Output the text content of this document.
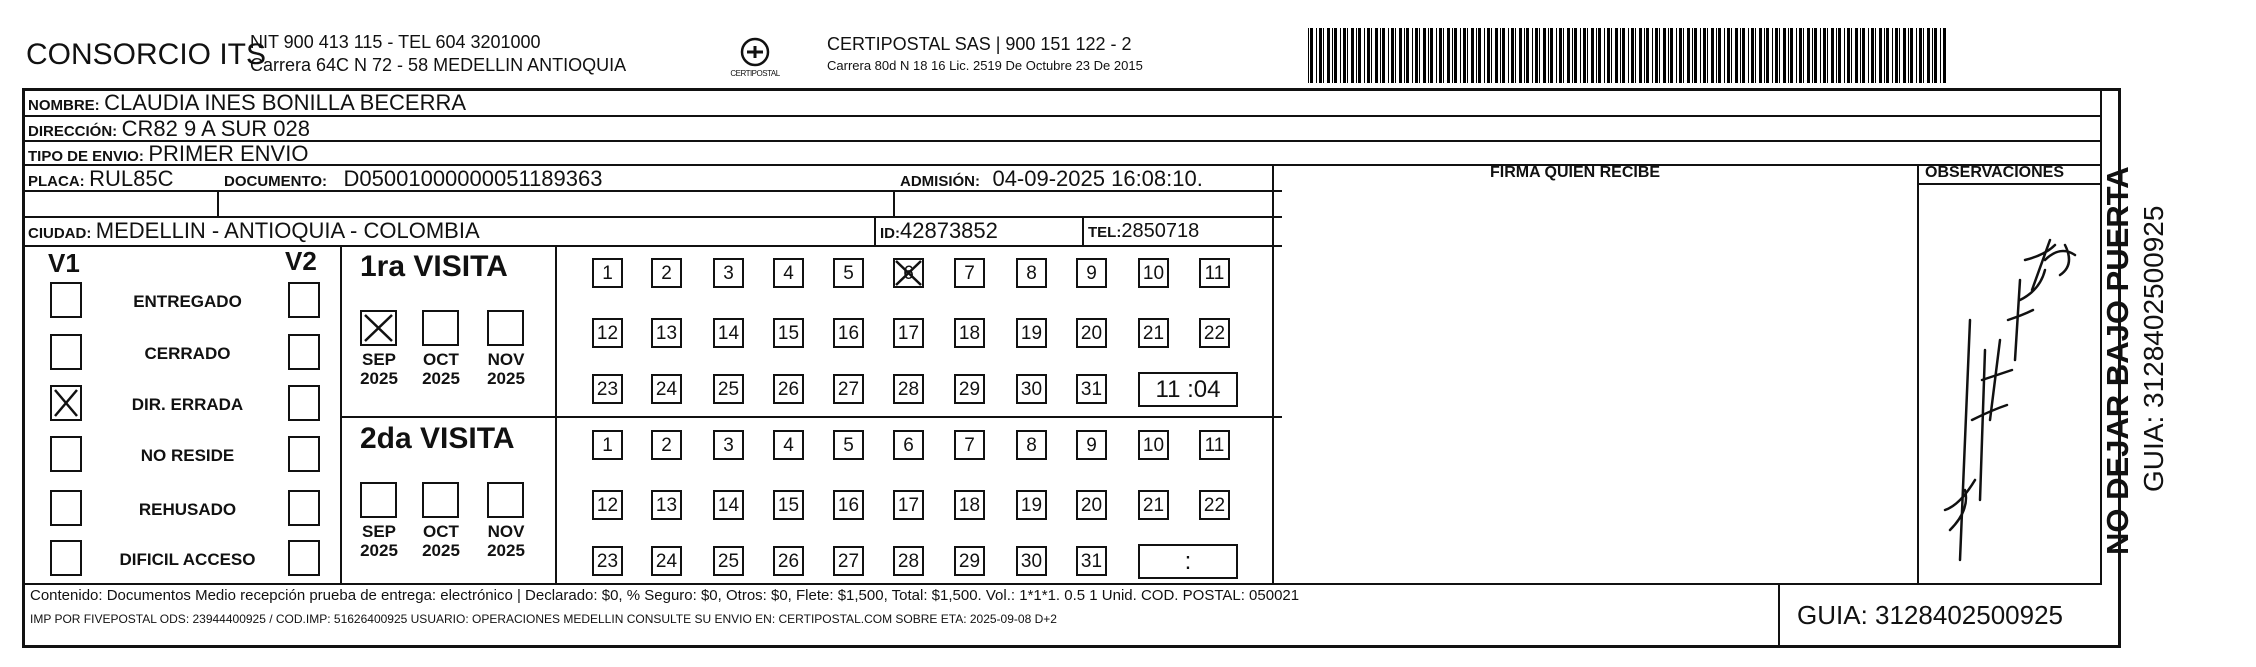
CONSORCIO ITS
NIT 900 413 115 - TEL 604 3201000
Carrera 64C N 72 - 58 MEDELLIN ANTIOQUIA	CERTIPOSTAL
CERTIPOSTAL SAS | 900 151 122 - 2
Carrera 80d N 18 16 Lic. 2519 De Octubre 23 De 2015
NOMBRE: CLAUDIA INES BONILLA BECERRA
DIRECCIÓN: CR82 9 A SUR 028
TIPO DE ENVIO: PRIMER ENVIO
PLACA: RUL85C	DOCUMENTO: D05001000000051189363	ADMISIÓN: 04-09-2025 16:08:10.
CIUDAD: MEDELLIN - ANTIOQUIA - COLOMBIA	ID:42873852	TEL:2850718
FIRMA QUIEN RECIBE	OBSERVACIONES
V1	V2
ENTREGADO
CERRADO
DIR. ERRADA
NO RESIDE
REHUSADO
DIFICIL ACCESO
1ra VISITA
SEP
2025
OCT
2025
NOV
2025
1	2	3	4	5	6	7	8	9	10 11
12 13 14 15 16 17 18 19 20 21 22
23 24 25 26 27 28 29 30 31	11 :04
2da VISITA
SEP
2025
OCT
2025
NOV
2025
1	2	3	4	5	6	7	8	9	10 11
12 13 14 15 16 17 18 19 20 21 22
23 24 25 26 27 28 29 30 31	:
Contenido: Documentos Medio recepción prueba de entrega: electrónico | Declarado: $0, % Seguro: $0, Otros: $0, Flete: $1,500, Total: $1,500. Vol.: 1*1*1. 0.5 1 Unid. COD. POSTAL: 050021
IMP POR FIVEPOSTAL ODS: 23944400925 / COD.IMP: 51626400925 USUARIO: OPERACIONES MEDELLIN CONSULTE SU ENVIO EN: CERTIPOSTAL.COM SOBRE ETA: 2025-09-08 D+2	GUIA: 3128402500925
NO DEJAR BAJO PUERTA GUIA: 3128402500925
